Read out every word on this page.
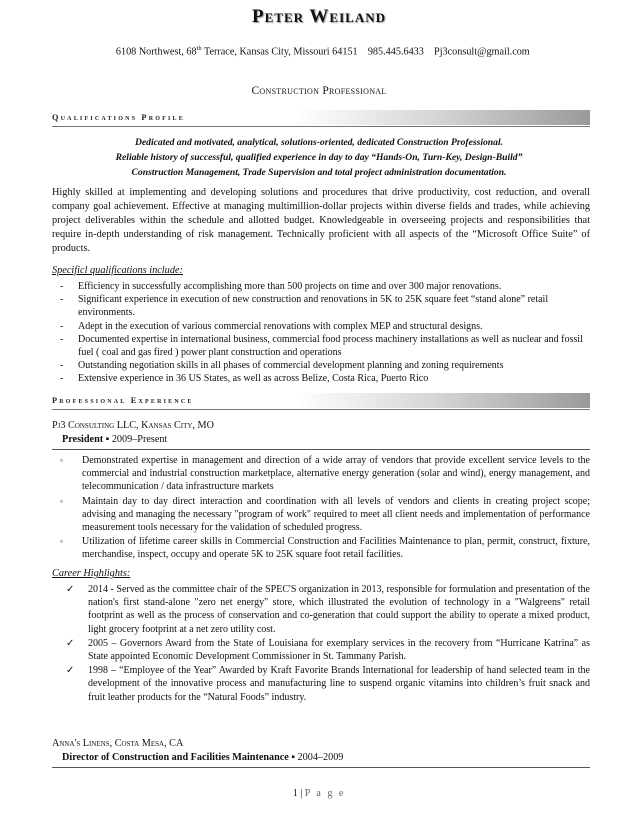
Peter Weiland
  6108 Northwest, 68th Terrace, Kansas City, Missouri 64151   985.445.6433   Pj3consult@gmail.com
Construction Professional
Qualifications Profile
Dedicated and motivated, analytical, solutions-oriented, dedicated Construction Professional.
Reliable history of successful, qualified experience in day to day “Hands-On, Turn-Key, Design-Build”
Construction Management, Trade Supervision and total project administration documentation.
Highly skilled at implementing and developing solutions and procedures that drive productivity, cost reduction, and overall company goal achievement. Effective at managing multimillion-dollar projects within diverse fields and trades, while achieving project deliverables within the schedule and allotted budget. Knowledgeable in overseeing projects and responsibilities that require in-depth understanding of risk management. Technically proficient with all aspects of the “Microsoft Office Suite” of products.
Specificl qualifications include:
- Efficiency in successfully accomplishing more than 500 projects on time and over 300 major renovations.
- Significant experience in execution of new construction and renovations in 5K to 25K square feet “stand alone” retail environments.
- Adept in the execution of various commercial renovations with complex MEP and structural designs.
- Documented expertise in international business, commercial food process machinery installations as well as nuclear and fossil fuel ( coal and gas fired ) power plant construction and operations
- Outstanding negotiation skills in all phases of commercial development planning and zoning requirements
- Extensive experience in 36 US States, as well as across Belize, Costa Rica, Puerto Rico
Professional Experience
Pj3 Consulting LLC, Kansas City, MO
President ▪ 2009–Present
▫ Demonstrated expertise in management and direction of a wide array of vendors that provide excellent service levels to the commercial and industrial construction marketplace, alternative energy generation (solar and wind), energy management, and telecommunication / data infrastructure markets
▫ Maintain day to day direct interaction and coordination with all levels of vendors and clients in creating project scope; advising and managing the necessary "program of work" required to meet all client needs and implementation of performance measurement tools necessary for the validation of scheduled progress.
▫ Utilization of lifetime career skills in Commercial Construction and Facilities Maintenance to plan, permit, construct, fixture, merchandise, inspect, occupy and operate 5K to 25K square foot retail facilities.
Career Highlights:
✓ 2014 - Served as the committee chair of the SPEC'S organization in 2013, responsible for formulation and presentation of the nation's first stand-alone "zero net energy" store, which illustrated the evolution of technology in a "Walgreens" retail footprint as well as the process of conservation and co-generation that could support the ability to operate a mixed product, light grocery footprint at a net zero utility cost.
✓ 2005 – Governors Award from the State of Louisiana for exemplary services in the recovery from “Hurricane Katrina” as State appointed Economic Development Commissioner in St. Tammany Parish.
✓ 1998 – “Employee of the Year” Awarded by Kraft Favorite Brands International for leadership of hand selected team in the development of the innovative process and manufacturing line to suspend organic vitamins into children’s fruit snack and fruit leather products for the “Natural Foods” industry.
Anna's Linens, Costa Mesa, CA
Director of Construction and Facilities Maintenance ▪ 2004–2009
1 | P a g e
